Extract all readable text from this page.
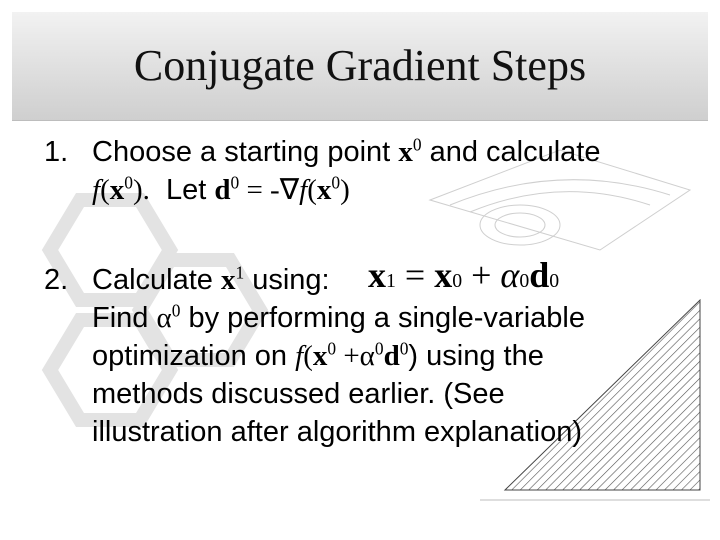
Conjugate Gradient Steps
1. Choose a starting point $x^0$ and calculate
$f(x^0)$.  Let $d^0 = -\nabla f(x^0)$
2. Calculate $x^1$ using:
Find $\alpha^0$ by performing a single-variable
optimization on $f(x^0 +\alpha^0d^0)$ using the
methods discussed earlier. (See
illustration after algorithm explanation)
$x^1 = x^0 + \alpha^0d^0$
